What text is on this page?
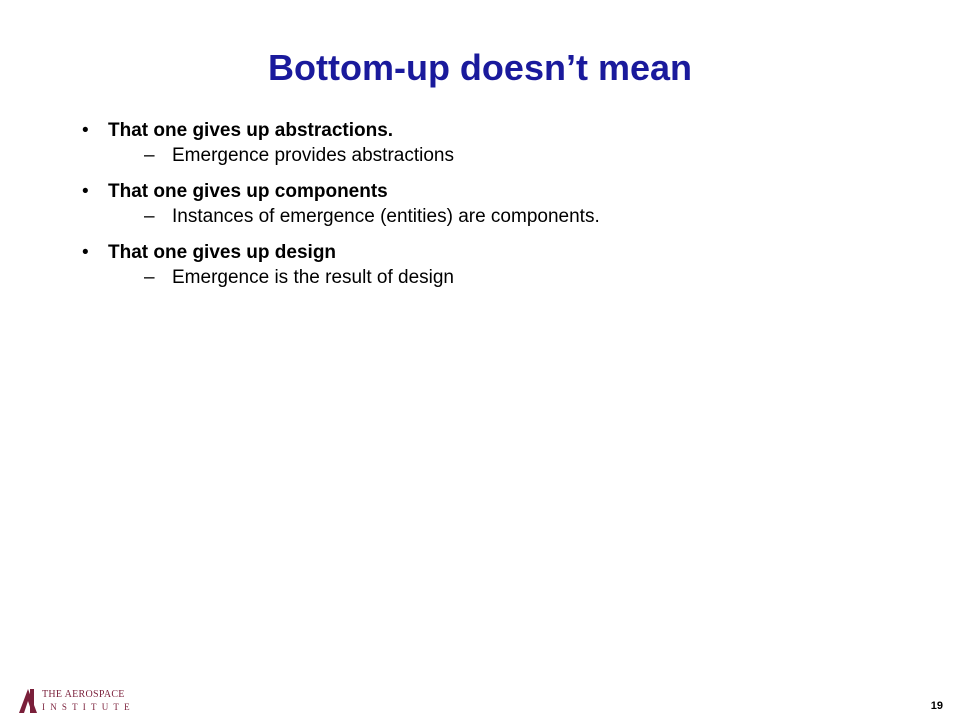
Bottom-up doesn’t mean
•	That one gives up abstractions.
– Emergence provides abstractions
•	That one gives up components
– Instances of emergence (entities) are components.
•	That one gives up design
– Emergence is the result of design
THE AEROSPACE
INSTITUTE	19
